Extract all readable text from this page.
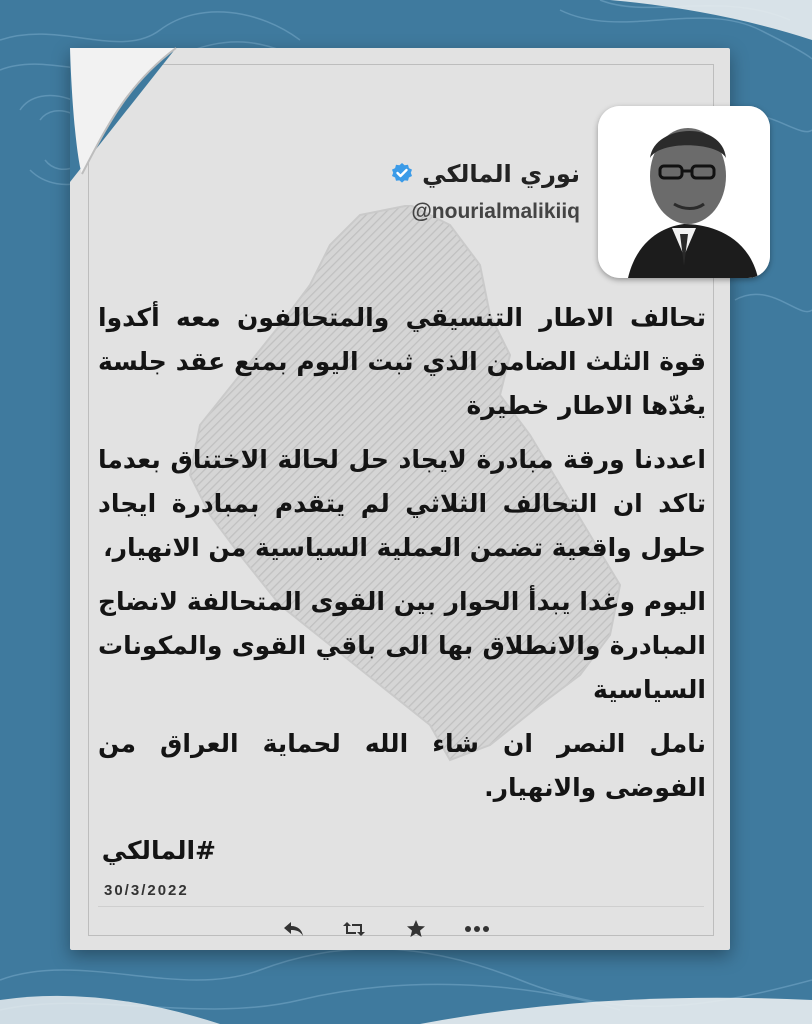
نوري المالكي
@nourialmalikiiq

تحالف الاطار التنسيقي والمتحالفون معه أكدوا قوة الثلث الضامن الذي ثبت اليوم بمنع عقد جلسة يعُدّها الاطار خطيرة

اعددنا ورقة مبادرة لايجاد حل لحالة الاختناق بعدما تاكد ان التحالف الثلاثي لم يتقدم بمبادرة ايجاد حلول واقعية تضمن العملية السياسية من الانهيار،

اليوم وغدا يبدأ الحوار بين القوى المتحالفة لانضاج المبادرة والانطلاق بها الى باقي القوى والمكونات السياسية

نامل النصر ان شاء الله لحماية العراق من الفوضى والانهيار.

#المالكي
30/3/2022
